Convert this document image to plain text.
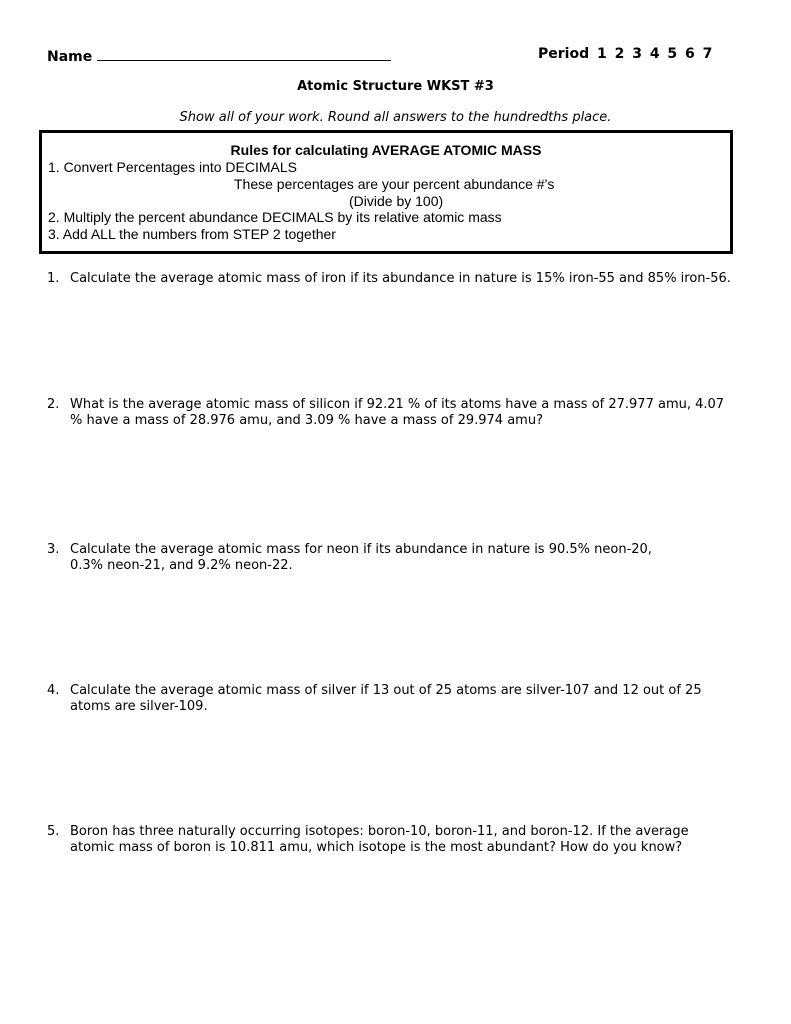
Name	Period 1 2 3 4 5 6 7
Atomic Structure WKST #3
Show all of your work. Round all answers to the hundredths place.
Rules for calculating AVERAGE ATOMIC MASS
1. Convert Percentages into DECIMALS
These percentages are your percent abundance #’s
(Divide by 100)
2. Multiply the percent abundance DECIMALS by its relative atomic mass
3. Add ALL the numbers from STEP 2 together
1. Calculate the average atomic mass of iron if its abundance in nature is 15% iron-55 and 85% iron-56.
2. What is the average atomic mass of silicon if 92.21 % of its atoms have a mass of 27.977 amu, 4.07 % have a mass of 28.976 amu, and 3.09 % have a mass of 29.974 amu?
3. Calculate the average atomic mass for neon if its abundance in nature is 90.5% neon-20, 0.3% neon-21, and 9.2% neon-22.
4. Calculate the average atomic mass of silver if 13 out of 25 atoms are silver-107 and 12 out of 25 atoms are silver-109.
5. Boron has three naturally occurring isotopes: boron-10, boron-11, and boron-12. If the average atomic mass of boron is 10.811 amu, which isotope is the most abundant? How do you know?
